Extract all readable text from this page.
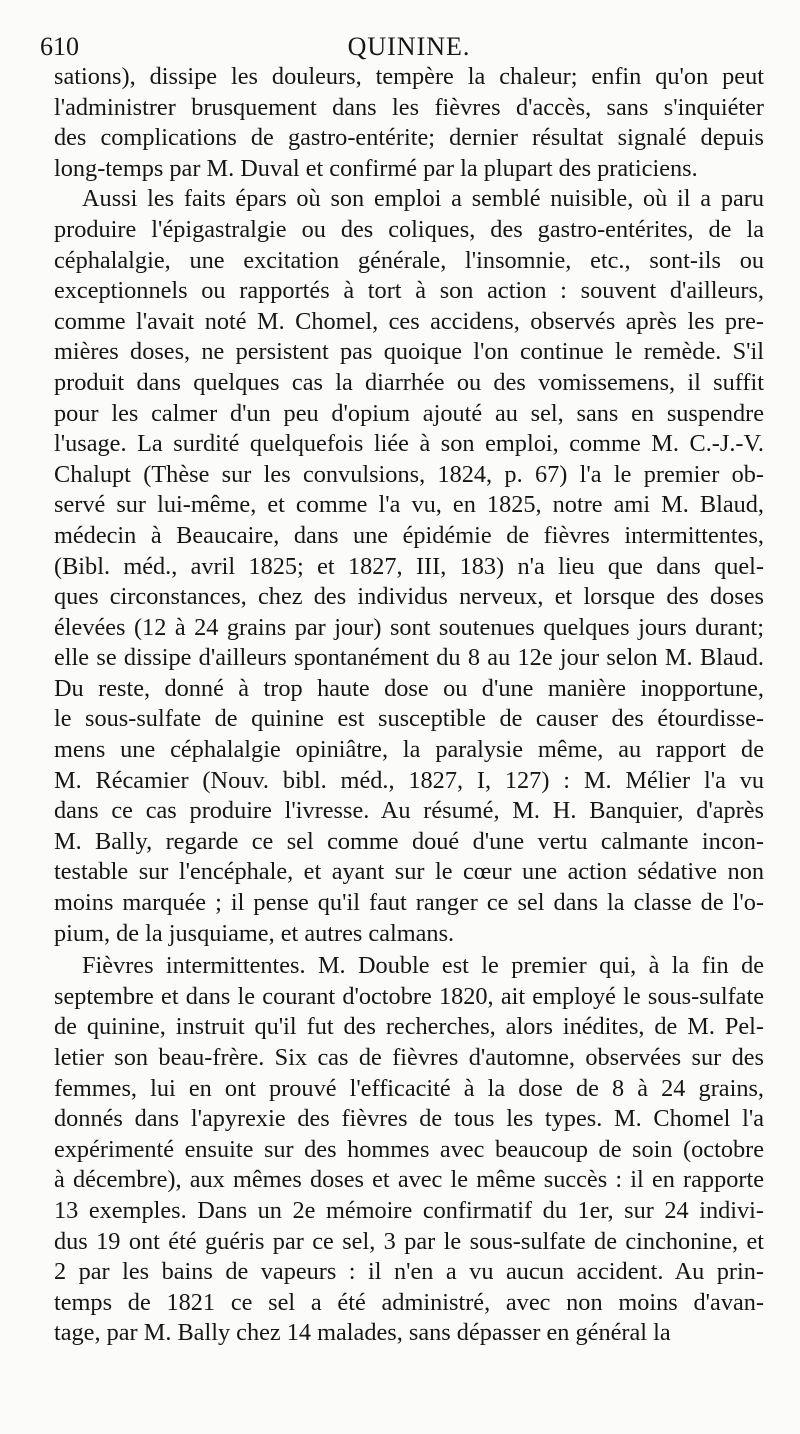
610	QUININE.
sations), dissipe les douleurs, tempère la chaleur; enfin qu'on peut
l'administrer brusquement dans les fièvres d'accès, sans s'inquiéter
des complications de gastro-entérite; dernier résultat signalé depuis
long-temps par M. Duval et confirmé par la plupart des praticiens.
Aussi les faits épars où son emploi a semblé nuisible, où il a paru
produire l'épigastralgie ou des coliques, des gastro-entérites, de la
céphalalgie, une excitation générale, l'insomnie, etc., sont-ils ou
exceptionnels ou rapportés à tort à son action : souvent d'ailleurs,
comme l'avait noté M. Chomel, ces accidens, observés après les pre-
mières doses, ne persistent pas quoique l'on continue le remède. S'il
produit dans quelques cas la diarrhée ou des vomissemens, il suffit
pour les calmer d'un peu d'opium ajouté au sel, sans en suspendre
l'usage. La surdité quelquefois liée à son emploi, comme M. C.-J.-V.
Chalupt (Thèse sur les convulsions, 1824, p. 67) l'a le premier ob-
servé sur lui-même, et comme l'a vu, en 1825, notre ami M. Blaud,
médecin à Beaucaire, dans une épidémie de fièvres intermittentes,
(Bibl. méd., avril 1825; et 1827, III, 183) n'a lieu que dans quel-
ques circonstances, chez des individus nerveux, et lorsque des doses
élevées (12 à 24 grains par jour) sont soutenues quelques jours durant;
elle se dissipe d'ailleurs spontanément du 8 au 12e jour selon M. Blaud.
Du reste, donné à trop haute dose ou d'une manière inopportune,
le sous-sulfate de quinine est susceptible de causer des étourdisse-
mens une céphalalgie opiniâtre, la paralysie même, au rapport de
M. Récamier (Nouv. bibl. méd., 1827, I, 127) : M. Mélier l'a vu
dans ce cas produire l'ivresse. Au résumé, M. H. Banquier, d'après
M. Bally, regarde ce sel comme doué d'une vertu calmante incon-
testable sur l'encéphale, et ayant sur le cœur une action sédative non
moins marquée ; il pense qu'il faut ranger ce sel dans la classe de l'o-
pium, de la jusquiame, et autres calmans.
Fièvres intermittentes. M. Double est le premier qui, à la fin de
septembre et dans le courant d'octobre 1820, ait employé le sous-sulfate
de quinine, instruit qu'il fut des recherches, alors inédites, de M. Pel-
letier son beau-frère. Six cas de fièvres d'automne, observées sur des
femmes, lui en ont prouvé l'efficacité à la dose de 8 à 24 grains,
donnés dans l'apyrexie des fièvres de tous les types. M. Chomel l'a
expérimenté ensuite sur des hommes avec beaucoup de soin (octobre
à décembre), aux mêmes doses et avec le même succès : il en rapporte
13 exemples. Dans un 2e mémoire confirmatif du 1er, sur 24 indivi-
dus 19 ont été guéris par ce sel, 3 par le sous-sulfate de cinchonine, et
2 par les bains de vapeurs : il n'en a vu aucun accident. Au prin-
temps de 1821 ce sel a été administré, avec non moins d'avan-
tage, par M. Bally chez 14 malades, sans dépasser en général la
